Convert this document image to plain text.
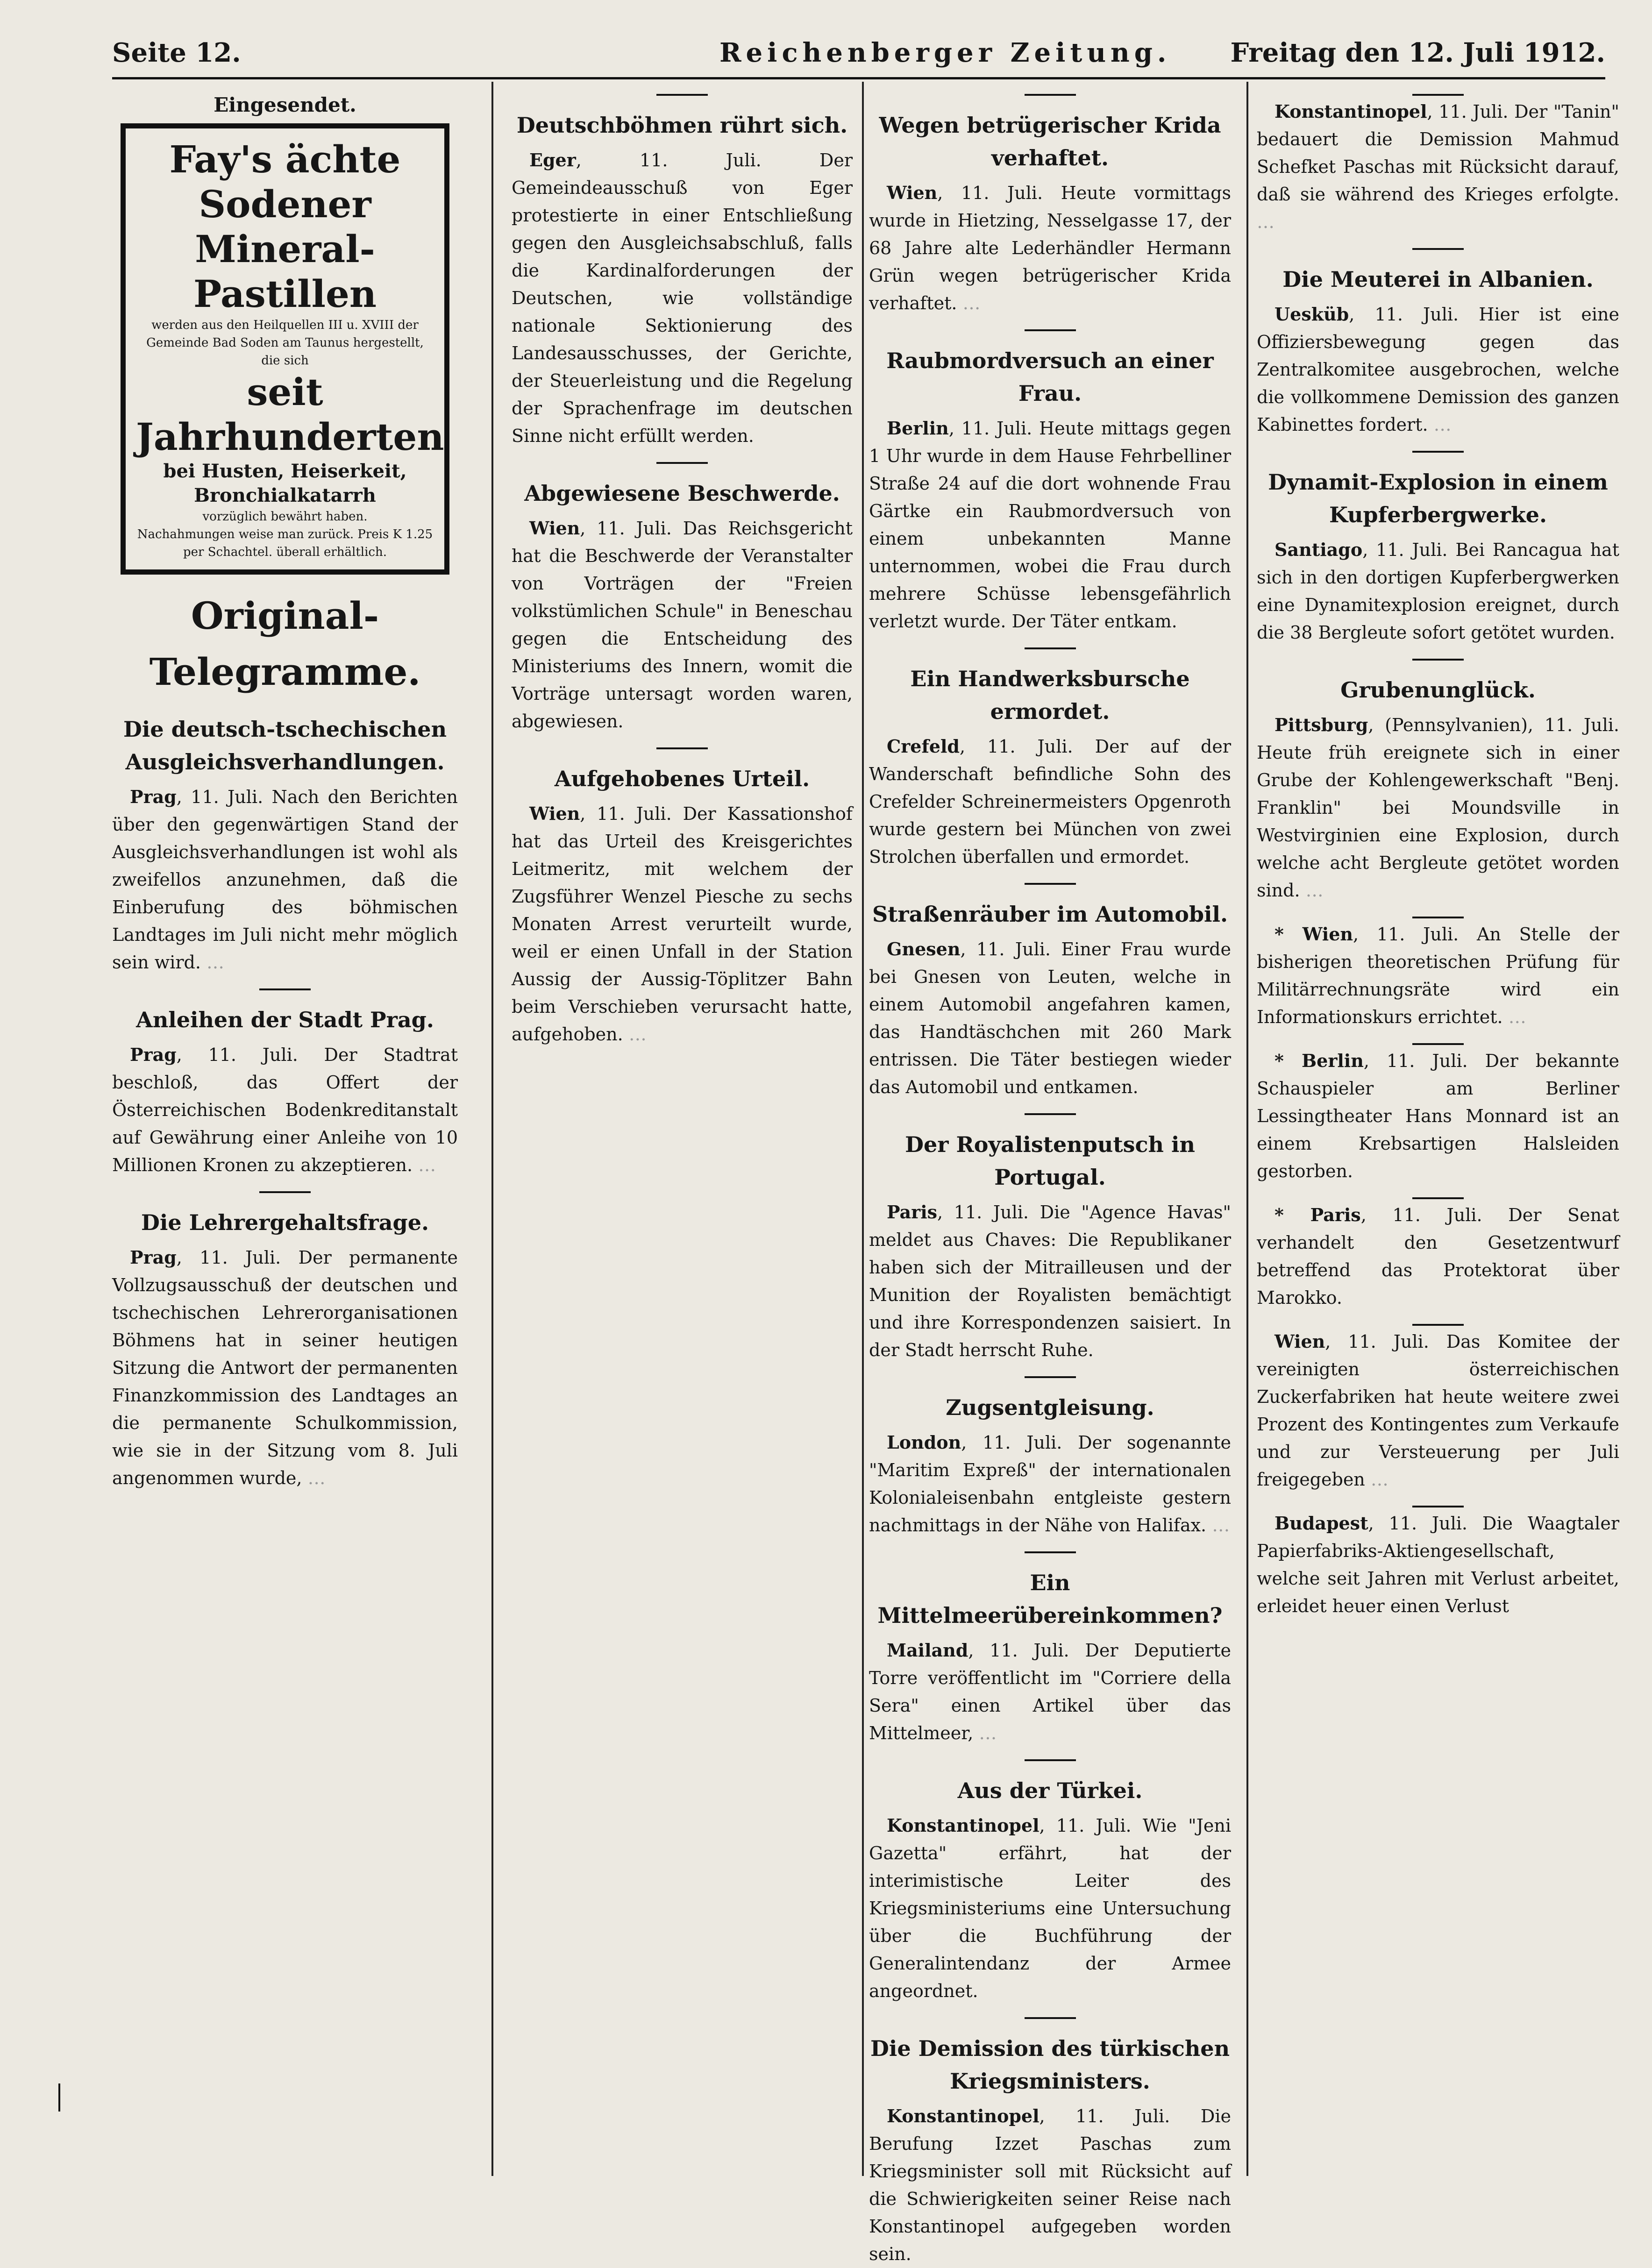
Seite 12.	Reichenberger Zeitung. Freitag den 12. Juli 1912.
Eingesendet.
Fay's ächte
Sodener Mineral-Pastillen
werden aus den Heilquellen III u. XVIII der Gemeinde Bad Soden am Taunus hergestellt, die sich
seit Jahrhunderten
bei Husten, Heiserkeit, Bronchialkatarrh
vorzüglich bewährt haben.
Nachahmungen weise man zurück. Preis K 1.25 per Schachtel. überall erhältlich.
Original-Telegramme.
Die deutsch-tschechischen Ausgleichsverhandlungen.

Prag, 11. Juli. Nach den Berichten über den gegenwärtigen Stand der Ausgleichsverhandlungen ist wohl als zweifellos anzunehmen, daß die Einberufung des böhmischen Landtages im Juli nicht mehr möglich sein wird. …

Anleihen der Stadt Prag.

Prag, 11. Juli. Der Stadtrat beschloß, das Offert der Österreichischen Bodenkreditanstalt auf Gewährung einer Anleihe von 10 Millionen Kronen zu akzeptieren. …

Die Lehrergehaltsfrage.

Prag, 11. Juli. Der permanente Vollzugsausschuß der deutschen und tschechischen Lehrerorganisationen Böhmens hat in seiner heutigen Sitzung die Antwort der permanenten Finanzkommission des Landtages an die permanente Schulkommission, wie sie in der Sitzung vom 8. Juli angenommen wurde, …

Deutschböhmen rührt sich.

Eger, 11. Juli.	Der Gemeindeausschuß von Eger protestierte in einer Entschließung gegen den Ausgleichsabschluß, falls die Kardinalforderungen der Deutschen, wie vollständige nationale Sektionierung des Landesausschusses, der Gerichte, der Steuerleistung und die Regelung der Sprachenfrage im deutschen Sinne nicht erfüllt werden.

Abgewiesene Beschwerde.

Wien, 11. Juli. Das Reichsgericht hat die Beschwerde der Veranstalter von Vorträgen der "Freien volkstümlichen Schule" in Beneschau gegen die Entscheidung des Ministeriums des Innern, womit die Vorträge untersagt worden waren, abgewiesen.

Aufgehobenes Urteil.

Wien, 11. Juli. Der Kassationshof hat das Urteil des Kreisgerichtes Leitmeritz, mit welchem der Zugsführer Wenzel Piesche zu sechs Monaten Arrest verurteilt wurde, weil er einen Unfall in der Station Aussig der Aussig-Töplitzer Bahn beim Verschieben verursacht hatte, aufgehoben. …

Wegen betrügerischer Krida verhaftet.

Wien, 11. Juli. Heute vormittags wurde in Hietzing, Nesselgasse 17, der 68 Jahre alte Lederhändler Hermann Grün wegen betrügerischer Krida verhaftet. …

Raubmordversuch an einer Frau.

Berlin, 11. Juli. Heute mittags gegen 1 Uhr wurde in dem Hause Fehrbelliner Straße 24 auf die dort wohnende Frau Gärtke ein Raubmordversuch von einem unbekannten Manne unternommen, wobei die Frau durch mehrere Schüsse lebensgefährlich verletzt wurde. Der Täter entkam.

Ein Handwerksbursche ermordet.

Crefeld, 11. Juli. Der auf der Wanderschaft befindliche Sohn des Crefelder Schreinermeisters Opgenroth wurde gestern bei München von zwei Strolchen überfallen und ermordet.

Straßenräuber im Automobil.

Gnesen, 11. Juli. Einer Frau wurde bei Gnesen von Leuten, welche in einem Automobil angefahren kamen, das Handtäschchen mit 260 Mark entrissen. Die Täter bestiegen wieder das Automobil und entkamen.

Der Royalistenputsch in Portugal.

Paris, 11. Juli. Die "Agence Havas" meldet aus Chaves: Die Republikaner haben sich der Mitrailleusen und der Munition der Royalisten bemächtigt und ihre Korrespondenzen saisiert. In der Stadt herrscht Ruhe.

Zugsentgleisung.

London, 11. Juli. Der sogenannte "Maritim Expreß" der internationalen Kolonialeisenbahn entgleiste gestern nachmittags in der Nähe von Halifax. …

Ein Mittelmeerübereinkommen?

Mailand, 11. Juli. Der Deputierte Torre veröffentlicht im "Corriere della Sera" einen Artikel über das Mittelmeer, …

Aus der Türkei.

Konstantinopel, 11. Juli. Wie "Jeni Gazetta" erfährt, hat der interimistische Leiter des Kriegsministeriums eine Untersuchung über die Buchführung der Generalintendanz der Armee angeordnet.

Die Demission des türkischen Kriegsministers.

Konstantinopel, 11. Juli. Die Berufung Izzet Paschas zum Kriegsminister soll mit Rücksicht auf die Schwierigkeiten seiner Reise nach Konstantinopel aufgegeben worden sein.

Konstantinopel, 11. Juli. Der "Tanin" bedauert die Demission Mahmud Schefket Paschas mit Rücksicht darauf, daß sie während des Krieges erfolgte. …

Die Meuterei in Albanien.

Uesküb, 11. Juli. Hier ist eine Offiziersbewegung gegen das Zentralkomitee ausgebrochen, welche die vollkommene Demission des ganzen Kabinettes fordert. …

Dynamit-Explosion in einem Kupferbergwerke.

Santiago, 11. Juli. Bei Rancagua hat sich in den dortigen Kupferbergwerken eine Dynamitexplosion ereignet, durch die 38 Bergleute sofort getötet wurden.

Grubenunglück.

Pittsburg, (Pennsylvanien), 11. Juli. Heute früh ereignete sich in einer Grube der Kohlengewerkschaft "Benj. Franklin" bei Moundsville in Westvirginien eine Explosion, durch welche acht Bergleute getötet worden sind. …

* Wien, 11. Juli. An Stelle der bisherigen theoretischen Prüfung für Militärrechnungsräte wird ein Informationskurs errichtet. …

* Berlin, 11. Juli. Der bekannte Schauspieler am Berliner Lessingtheater Hans Monnard ist an einem Krebsartigen Halsleiden gestorben.

* Paris, 11. Juli. Der Senat verhandelt den Gesetzentwurf betreffend das Protektorat über Marokko.

Wien, 11. Juli. Das Komitee der vereinigten österreichischen Zuckerfabriken hat heute weitere zwei Prozent des Kontingentes zum Verkaufe und zur Versteuerung per Juli freigegeben …

Budapest, 11. Juli. Die Waagtaler Papierfabriks-Aktiengesellschaft, welche seit Jahren mit Verlust arbeitet, erleidet heuer einen Verlust
